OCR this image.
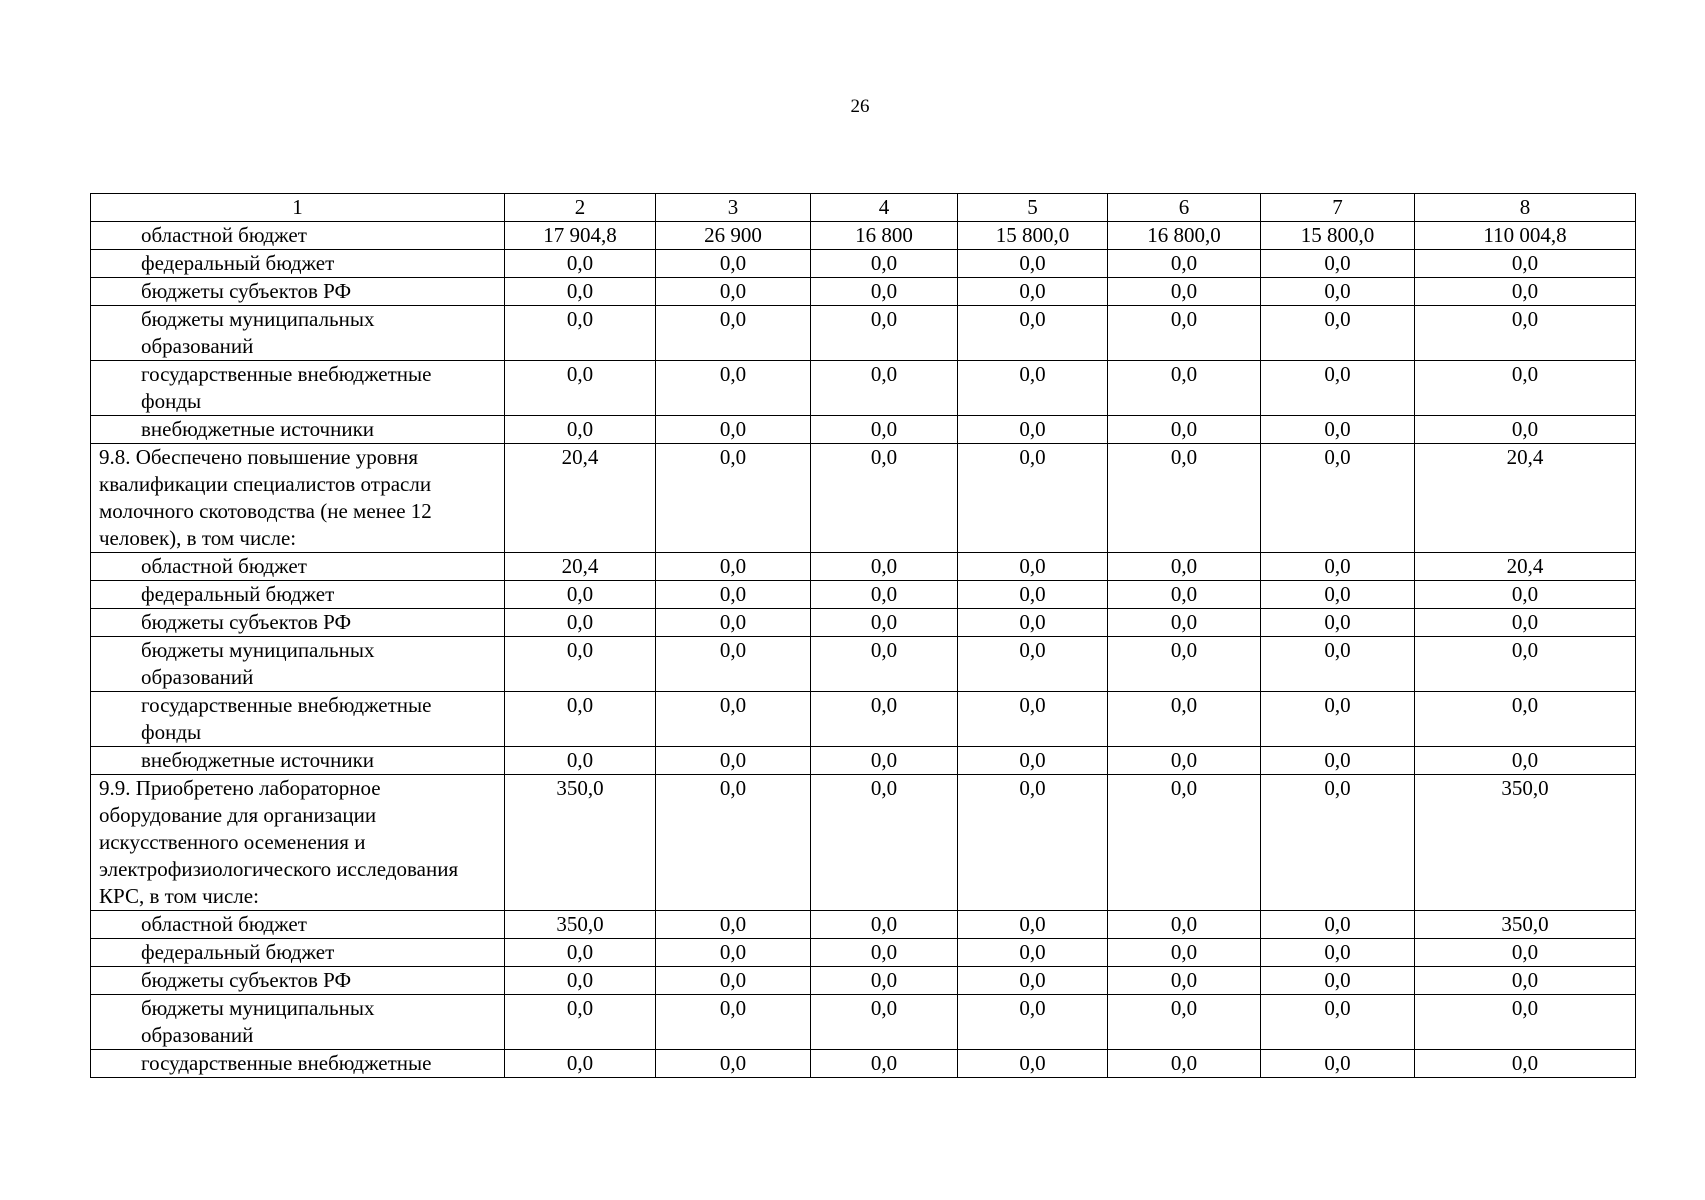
26
1	2	3	4	5	6	7	8
областной бюджет	17 904,8	26 900	16 800	15 800,0	16 800,0	15 800,0	110 004,8
федеральный бюджет	0,0	0,0	0,0	0,0	0,0	0,0	0,0
бюджеты субъектов РФ	0,0	0,0	0,0	0,0	0,0	0,0	0,0
бюджеты муниципальных образований	0,0	0,0	0,0	0,0	0,0	0,0	0,0
государственные внебюджетные фонды	0,0	0,0	0,0	0,0	0,0	0,0	0,0
внебюджетные источники	0,0	0,0	0,0	0,0	0,0	0,0	0,0
9.8. Обеспечено повышение уровня квалификации специалистов отрасли молочного скотоводства (не менее 12 человек), в том числе:	20,4	0,0	0,0	0,0	0,0	0,0	20,4
областной бюджет	20,4	0,0	0,0	0,0	0,0	0,0	20,4
федеральный бюджет	0,0	0,0	0,0	0,0	0,0	0,0	0,0
бюджеты субъектов РФ	0,0	0,0	0,0	0,0	0,0	0,0	0,0
бюджеты муниципальных образований	0,0	0,0	0,0	0,0	0,0	0,0	0,0
государственные внебюджетные фонды	0,0	0,0	0,0	0,0	0,0	0,0	0,0
внебюджетные источники	0,0	0,0	0,0	0,0	0,0	0,0	0,0
9.9. Приобретено лабораторное оборудование для организации искусственного осеменения и электрофизиологического исследования КРС, в том числе:	350,0	0,0	0,0	0,0	0,0	0,0	350,0
областной бюджет	350,0	0,0	0,0	0,0	0,0	0,0	350,0
федеральный бюджет	0,0	0,0	0,0	0,0	0,0	0,0	0,0
бюджеты субъектов РФ	0,0	0,0	0,0	0,0	0,0	0,0	0,0
бюджеты муниципальных образований	0,0	0,0	0,0	0,0	0,0	0,0	0,0
государственные внебюджетные	0,0	0,0	0,0	0,0	0,0	0,0	0,0
